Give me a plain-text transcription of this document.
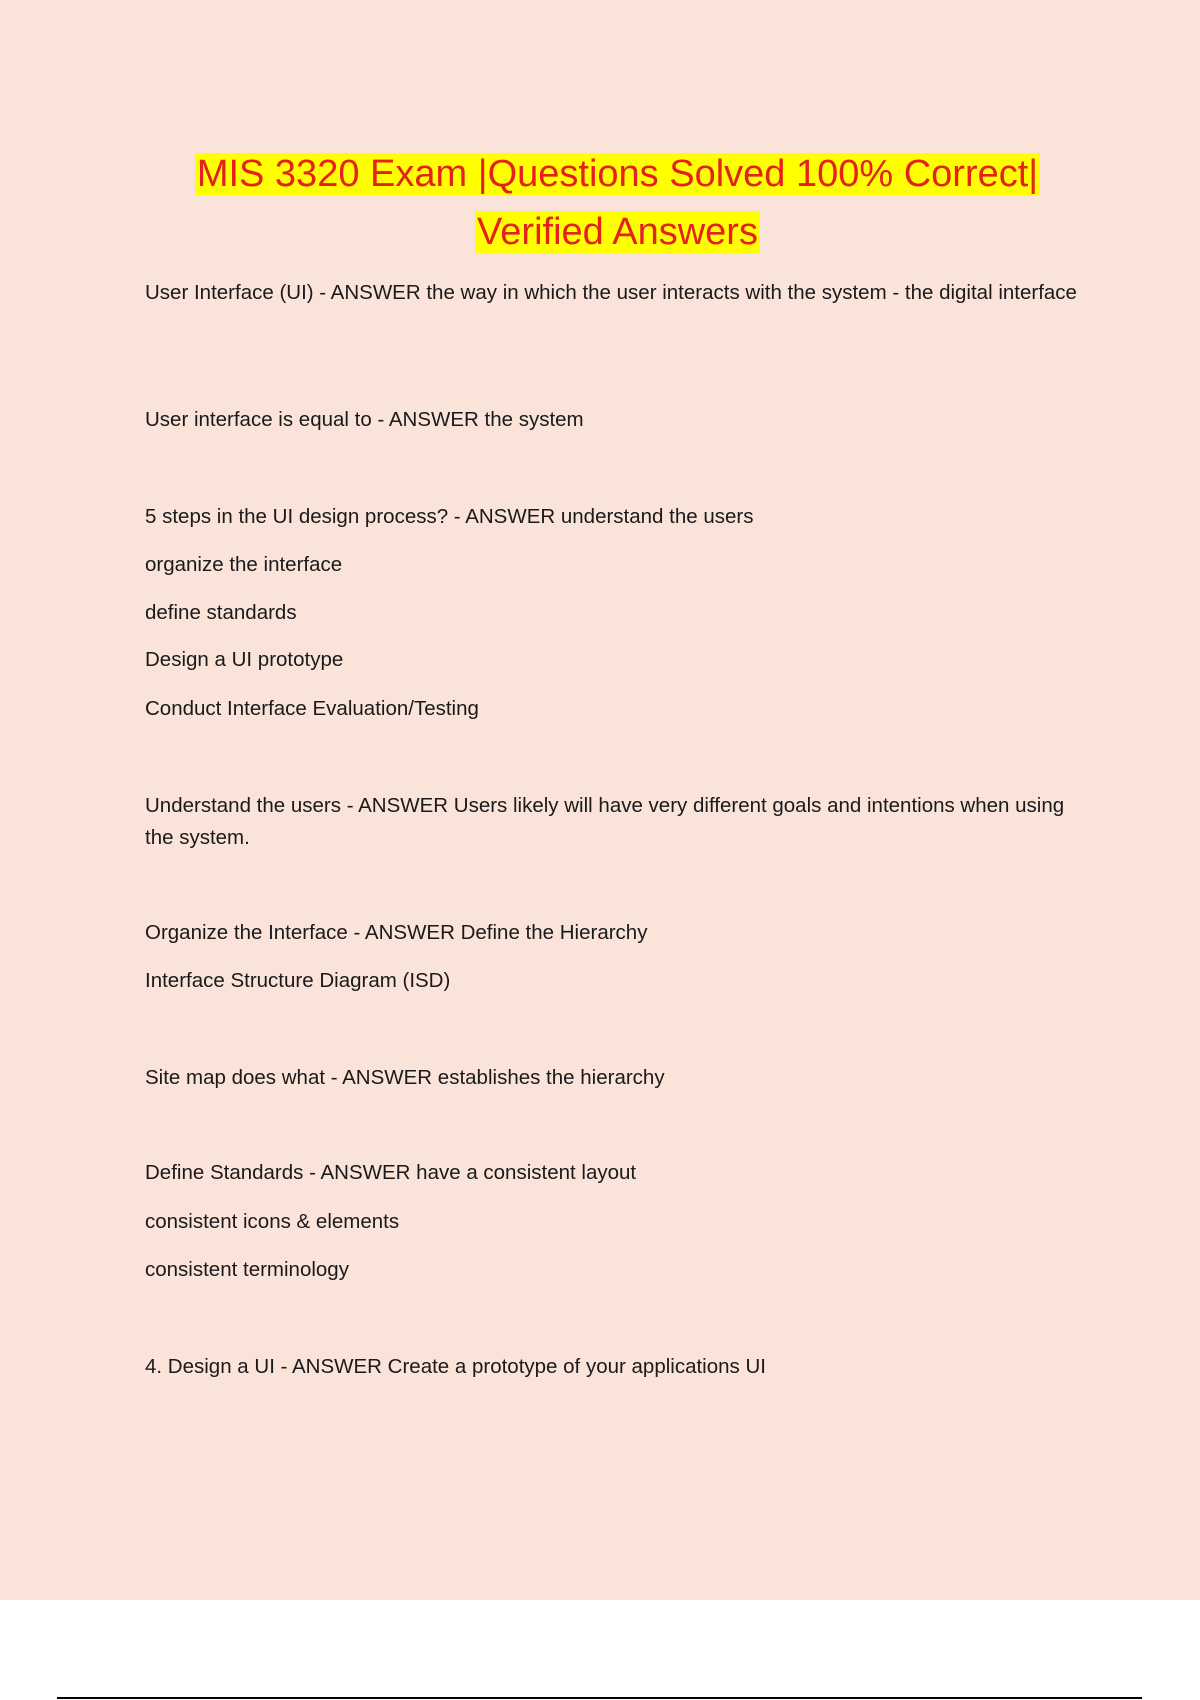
MIS 3320 Exam |Questions Solved 100% Correct|
Verified Answers

User Interface (UI) - ANSWER the way in which the user interacts with the system - the digital interface

User interface is equal to - ANSWER the system

5 steps in the UI design process? - ANSWER understand the users

organize the interface

define standards

Design a UI prototype

Conduct Interface Evaluation/Testing

Understand the users - ANSWER Users likely will have very different goals and intentions when using the system.

Organize the Interface - ANSWER Define the Hierarchy

Interface Structure Diagram (ISD)

Site map does what - ANSWER establishes the hierarchy

Define Standards - ANSWER have a consistent layout

consistent icons & elements

consistent terminology

4. Design a UI - ANSWER Create a prototype of your applications UI
